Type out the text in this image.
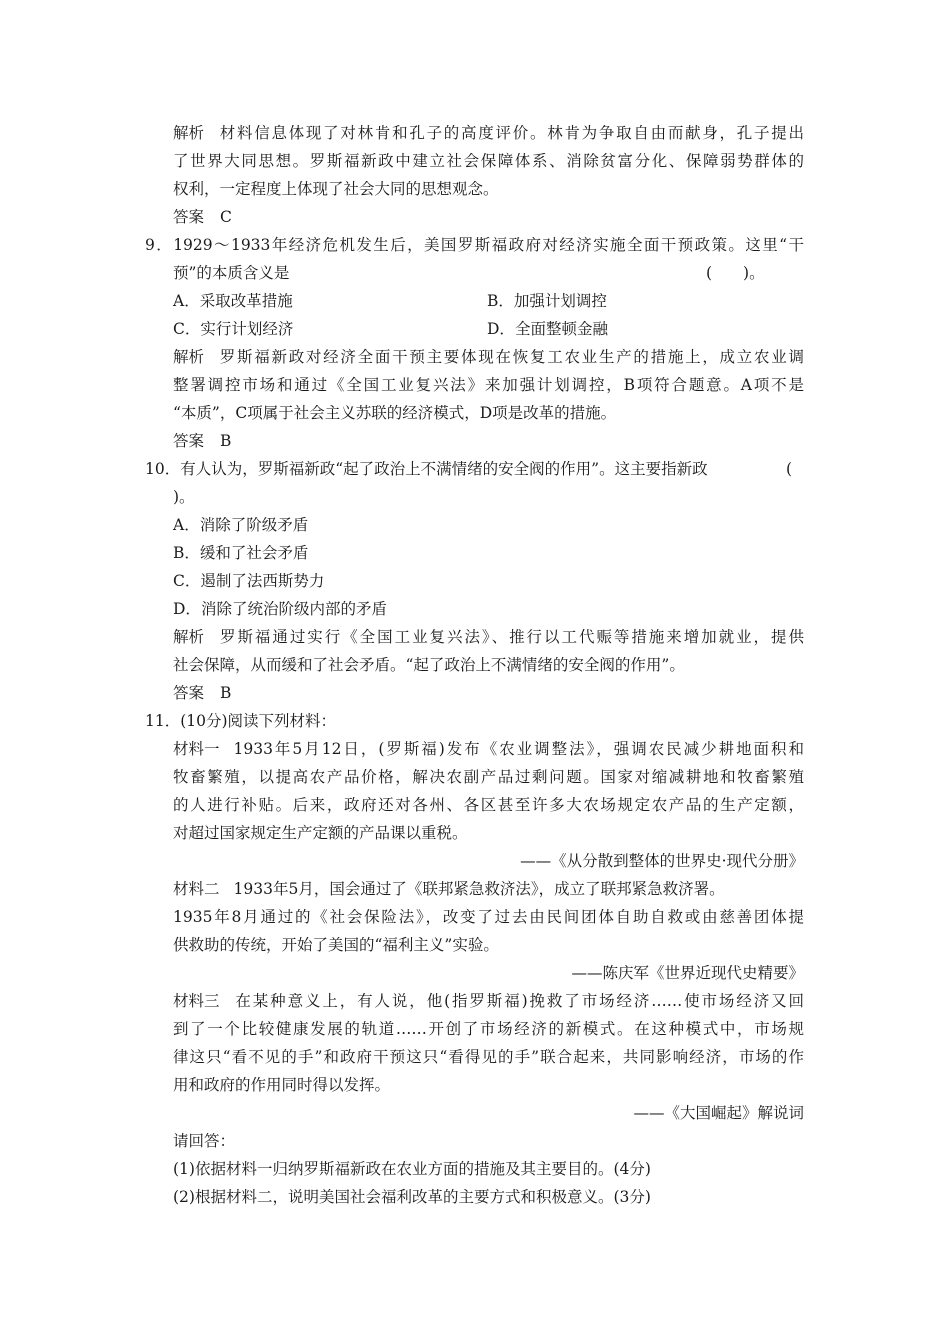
解析 材料信息体现了对林肯和孔子的高度评价。林肯为争取自由而献身，孔子提出
了世界大同思想。罗斯福新政中建立社会保障体系、消除贫富分化、保障弱势群体的
权利，一定程度上体现了社会大同的思想观念。
答案 C
9．1929～1933年经济危机发生后，美国罗斯福政府对经济实施全面干预政策。这里“干
预”的本质含义是	(　　)。
A．采取改革措施	B．加强计划调控
C．实行计划经济	D．全面整顿金融
解析 罗斯福新政对经济全面干预主要体现在恢复工农业生产的措施上，成立农业调
整署调控市场和通过《全国工业复兴法》来加强计划调控，B项符合题意。A项不是
“本质”，C项属于社会主义苏联的经济模式，D项是改革的措施。
答案 B
10．有人认为，罗斯福新政“起了政治上不满情绪的安全阀的作用”。这主要指新政	(
)。
A．消除了阶级矛盾
B．缓和了社会矛盾
C．遏制了法西斯势力
D．消除了统治阶级内部的矛盾
解析 罗斯福通过实行《全国工业复兴法》、推行以工代赈等措施来增加就业，提供
社会保障，从而缓和了社会矛盾。“起了政治上不满情绪的安全阀的作用”。
答案 B
11．(10分)阅读下列材料：
材料一 1933年5月12日，(罗斯福)发布《农业调整法》，强调农民减少耕地面积和
牧畜繁殖，以提高农产品价格，解决农副产品过剩问题。国家对缩减耕地和牧畜繁殖
的人进行补贴。后来，政府还对各州、各区甚至许多大农场规定农产品的生产定额，
对超过国家规定生产定额的产品课以重税。
——《从分散到整体的世界史·现代分册》
材料二 1933年5月，国会通过了《联邦紧急救济法》，成立了联邦紧急救济署。
1935年8月通过的《社会保险法》，改变了过去由民间团体自助自救或由慈善团体提
供救助的传统，开始了美国的“福利主义”实验。
——陈庆军《世界近现代史精要》
材料三 在某种意义上，有人说，他(指罗斯福)挽救了市场经济……使市场经济又回
到了一个比较健康发展的轨道……开创了市场经济的新模式。在这种模式中，市场规
律这只“看不见的手”和政府干预这只“看得见的手”联合起来，共同影响经济，市场的作
用和政府的作用同时得以发挥。
——《大国崛起》解说词
请回答：
(1)依据材料一归纳罗斯福新政在农业方面的措施及其主要目的。(4分)
(2)根据材料二，说明美国社会福利改革的主要方式和积极意义。(3分)
